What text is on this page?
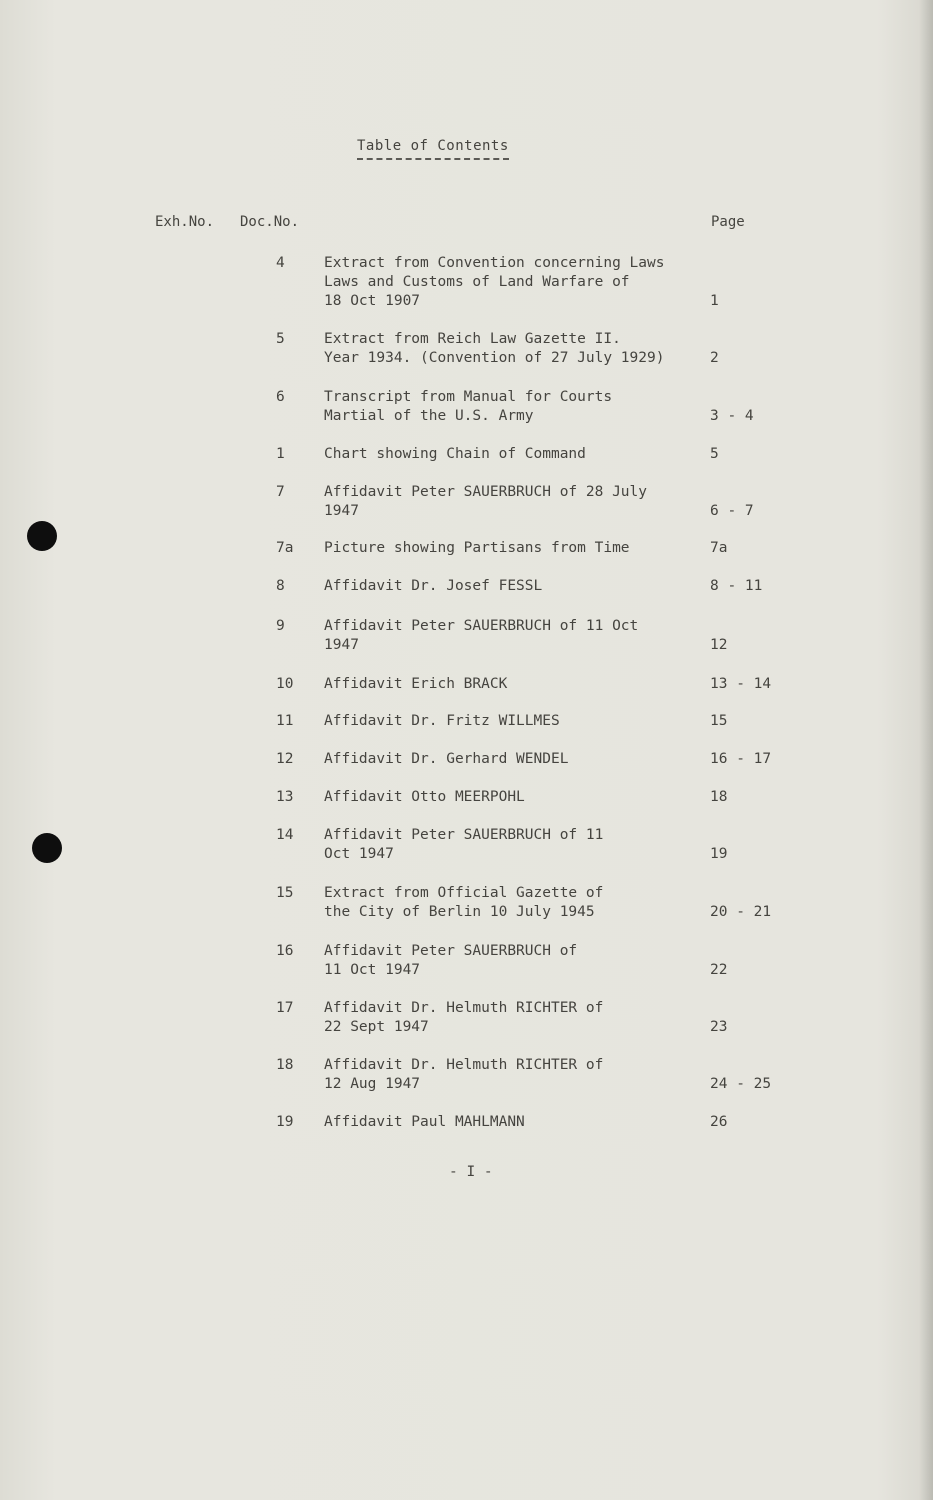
Table of Contents
Exh.No. Doc.No.	Page
4	Extract from Convention concerning Laws
Laws and Customs of Land Warfare of
18 Oct 1907	1
5	Extract from Reich Law Gazette II.
Year 1934. (Convention of 27 July 1929)	2
6	Transcript from Manual for Courts
Martial of the U.S. Army	3 - 4
1	Chart showing Chain of Command	5
7	Affidavit Peter SAUERBRUCH of 28 July
1947	6 - 7
7a Picture showing Partisans from Time	7a
8	Affidavit Dr. Josef FESSL	8 - 11
9	Affidavit Peter SAUERBRUCH of 11 Oct
1947	12
10 Affidavit Erich BRACK	13 - 14
11 Affidavit Dr. Fritz WILLMES	15
12 Affidavit Dr. Gerhard WENDEL	16 - 17
13 Affidavit Otto MEERPOHL	18
14 Affidavit Peter SAUERBRUCH of 11
Oct 1947	19
15 Extract from Official Gazette of
the City of Berlin 10 July 1945	20 - 21
16 Affidavit Peter SAUERBRUCH of
11 Oct 1947	22
17 Affidavit Dr. Helmuth RICHTER of
22 Sept 1947	23
18 Affidavit Dr. Helmuth RICHTER of
12 Aug 1947	24 - 25
19 Affidavit Paul MAHLMANN	26
- I -
